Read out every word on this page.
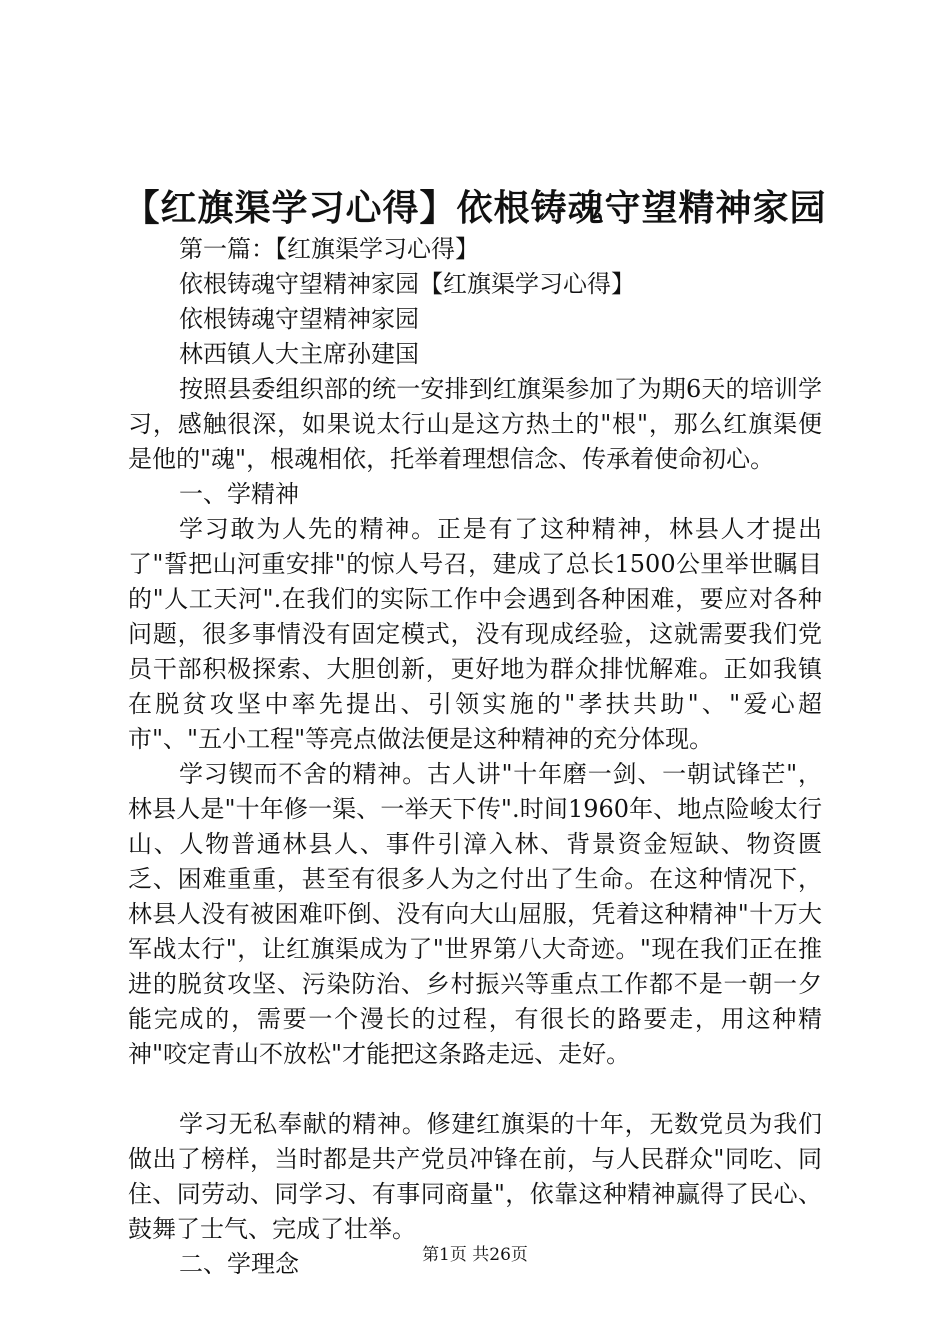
【红旗渠学习心得】依根铸魂守望精神家园
第一篇：【红旗渠学习心得】
依根铸魂守望精神家园【红旗渠学习心得】
依根铸魂守望精神家园
林西镇人大主席孙建国
按照县委组织部的统一安排到红旗渠参加了为期6天的培训学习，感触很深，如果说太行山是这方热土的"根"，那么红旗渠便是他的"魂"，根魂相依，托举着理想信念、传承着使命初心。
一、学精神
学习敢为人先的精神。正是有了这种精神，林县人才提出了"誓把山河重安排"的惊人号召，建成了总长1500公里举世瞩目的"人工天河".在我们的实际工作中会遇到各种困难，要应对各种问题，很多事情没有固定模式，没有现成经验，这就需要我们党员干部积极探索、大胆创新，更好地为群众排忧解难。正如我镇在脱贫攻坚中率先提出、引领实施的"孝扶共助"、"爱心超市"、"五小工程"等亮点做法便是这种精神的充分体现。
学习锲而不舍的精神。古人讲"十年磨一剑、一朝试锋芒"，林县人是"十年修一渠、一举天下传".时间1960年、地点险峻太行山、人物普通林县人、事件引漳入林、背景资金短缺、物资匮乏、困难重重，甚至有很多人为之付出了生命。在这种情况下，林县人没有被困难吓倒、没有向大山屈服，凭着这种精神"十万大军战太行"，让红旗渠成为了"世界第八大奇迹。"现在我们正在推进的脱贫攻坚、污染防治、乡村振兴等重点工作都不是一朝一夕能完成的，需要一个漫长的过程，有很长的路要走，用这种精神"咬定青山不放松"才能把这条路走远、走好。
学习无私奉献的精神。修建红旗渠的十年，无数党员为我们做出了榜样，当时都是共产党员冲锋在前，与人民群众"同吃、同住、同劳动、同学习、有事同商量"，依靠这种精神赢得了民心、鼓舞了士气、完成了壮举。
二、学理念	第1页 共26页
